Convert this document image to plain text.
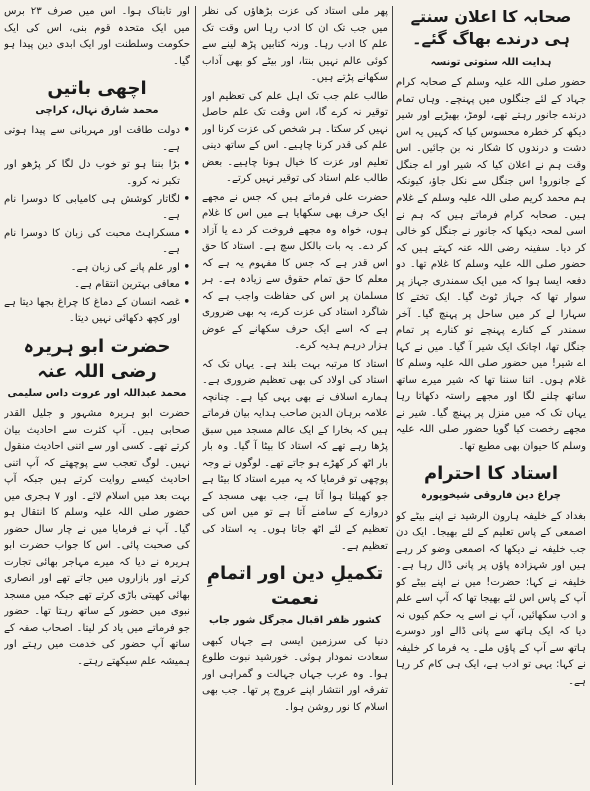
صحابہ کا اعلان سنتے ہی درندے بھاگ گئے۔
ہدایت اللہ ستوتی تونسہ

حضور صلی اللہ علیہ وسلم کے صحابہ کرام جہاد کے لئے جنگلوں میں پہنچے۔ وہاں تمام درندے جانور رہتے تھے، لومڑ، بھیڑیے اور شیر دیکھ کر خطرہ محسوس کیا کہ کہیں یہ اس دشت و درندوں کا شکار نہ بن جائیں۔ اس وقت ہم نے اعلان کیا کہ شیر اور اے جنگل کے جانورو! اس جنگل سے نکل جاؤ، کیونکہ ہم محمد کریم صلی اللہ علیہ وسلم کے غلام ہیں۔ صحابہ کرام فرماتے ہیں کہ ہم نے اسی لمحہ دیکھا کہ جانور نے جنگل کو خالی کر دیا۔ سفینہ رضی اللہ عنہ کہتے ہیں کہ حضور صلی اللہ علیہ وسلم کا غلام تھا۔ دو دفعہ ایسا ہوا کہ میں ایک سمندری جہاز پر سوار تھا کہ جہاز ٹوٹ گیا۔ ایک تختے کا سہارا لے کر میں ساحل پر پہنچ گیا۔ آخر سمندر کے کنارے پہنچے تو کنارے پر تمام جنگل تھا، اچانک ایک شیر آ گیا۔ میں نے کہا اے شیر! میں حضور صلی اللہ علیہ وسلم کا غلام ہوں۔ اتنا سننا تھا کہ شیر میرے ساتھ ساتھ چلنے لگا اور مجھے راستہ دکھاتا رہا یہاں تک کہ میں منزل پر پہنچ گیا۔ شیر نے مجھے رخصت کیا گویا حضور صلی اللہ علیہ وسلم کا حیوان بھی مطیع تھا۔

استاد کا احترام
چراغ دین فاروقی شیخوپورہ

بغداد کے خلیفہ ہارون الرشید نے اپنے بیٹے کو اصمعی کے پاس تعلیم کے لئے بھیجا۔ ایک دن جب خلیفہ نے دیکھا کہ اصمعی وضو کر رہے ہیں اور شہزادہ پاؤں پر پانی ڈال رہا ہے۔ خلیفہ نے کہا: حضرت! میں نے اپنے بیٹے کو آپ کے پاس اس لئے بھیجا تھا کہ آپ اسے علم و ادب سکھائیں، آپ نے اسے یہ حکم کیوں نہ دیا کہ ایک ہاتھ سے پانی ڈالے اور دوسرے ہاتھ سے آپ کے پاؤں ملے۔ یہ فرما کر خلیفہ نے کہا: یہی تو ادب ہے، ایک ہی کام کر رہا ہے۔

پھر ملی استاد کی عزت بڑھاؤں کی نظر میں جب تک ان کا ادب رہا اس وقت تک علم کا ادب رہا۔ ورنہ کتابیں پڑھ لینے سے کوئی عالم نہیں بنتا، اور بیٹے کو بھی آداب سکھانے پڑتے ہیں۔

طالب علم جب تک اہل علم کی تعظیم اور توقیر نہ کرے گا، اس وقت تک علم حاصل نہیں کر سکتا۔ ہر شخص کی عزت کرنا اور علم کی قدر کرنا چاہیے۔ اس کے ساتھ دینی تعلیم اور عزت کا خیال ہونا چاہیے۔ بعض طالب علم استاد کی توقیر نہیں کرتے۔

حضرت علی فرماتے ہیں کہ جس نے مجھے ایک حرف بھی سکھایا ہے میں اس کا غلام ہوں، خواہ وہ مجھے فروخت کر دے یا آزاد کر دے۔ یہ بات بالکل سچ ہے۔ استاد کا حق اس قدر ہے کہ جس کا مفہوم یہ ہے کہ معلم کا حق تمام حقوق سے زیادہ ہے۔ ہر مسلمان پر اس کی حفاظت واجب ہے کہ شاگرد استاد کی عزت کرے، یہ بھی ضروری ہے کہ اسے ایک حرف سکھانے کے عوض ہزار درہم ہدیہ کرے۔

استاد کا مرتبہ بہت بلند ہے۔ یہاں تک کہ استاد کی اولاد کی بھی تعظیم ضروری ہے۔ ہمارے اسلاف نے بھی یہی کیا ہے۔ چنانچہ علامہ برہان الدین صاحب ہدایہ بیان فرماتے ہیں کہ بخارا کے ایک عالم مسجد میں سبق پڑھا رہے تھے کہ استاد کا بیٹا آ گیا۔ وہ بار بار اٹھ کر کھڑے ہو جاتے تھے۔ لوگوں نے وجہ پوچھی تو فرمایا کہ یہ میرے استاد کا بیٹا ہے جو کھیلتا ہوا آتا ہے، جب بھی مسجد کے دروازے کے سامنے آتا ہے تو میں اس کی تعظیم کے لئے اٹھ جاتا ہوں۔ یہ استاد کی تعظیم ہے۔

تکمیلِ دین اور اتمامِ نعمت
کشور ظفر اقبال مجرگل شور جاب

دنیا کی سرزمین ایسی ہے جہاں کبھی سعادت نمودار ہوئی۔ خورشید نبوت طلوع ہوا۔ وہ عرب جہاں جہالت و گمراہی اور تفرقہ اور انتشار اپنے عروج پر تھا۔ جب بھی اسلام کا نور روشن ہوا۔

اور تابناک ہوا۔ اس میں صرف ۲۳ برس میں ایک متحدہ قوم بنی، اس کی ایک حکومت وسلطنت اور ایک ابدی دین پیدا ہو گیا۔

اچھی باتیں
محمد شارق نہال، کراچی
• دولت طاقت اور مہربانی سے پیدا ہوتی ہے۔
• بڑا بننا ہو تو خوب دل لگا کر پڑھو اور تکبر نہ کرو۔
• لگاتار کوشش ہی کامیابی کا دوسرا نام ہے۔
• مسکراہٹ محبت کی زبان کا دوسرا نام ہے۔
• اور علم پانے کی زبان ہے۔
• معافی بہترین انتقام ہے۔
• غصہ انسان کے دماغ کا چراغ بجھا دیتا ہے اور کچھ دکھائی نہیں دیتا۔
حضرت ابو ہریرہ رضی اللہ عنہ
محمد عبداللہ اور عروت داس سلیمی

حضرت ابو ہریرہ مشہور و جلیل القدر صحابی ہیں۔ آپ کثرت سے احادیث بیان کرتے تھے۔ کسی اور سے اتنی احادیث منقول نہیں۔ لوگ تعجب سے پوچھتے کہ آپ اتنی احادیث کیسے روایت کرتے ہیں جبکہ آپ بہت بعد میں اسلام لائے۔ اور ۷ ہجری میں حضور صلی اللہ علیہ وسلم کا انتقال ہو گیا۔ آپ نے فرمایا میں نے چار سال حضور کی صحبت پائی۔ اس کا جواب حضرت ابو ہریرہ نے دیا کہ میرے مہاجر بھائی تجارت کرتے اور بازاروں میں جاتے تھے اور انصاری بھائی کھیتی باڑی کرتے تھے جبکہ میں مسجد نبوی میں حضور کے ساتھ رہتا تھا۔ حضور جو فرماتے میں یاد کر لیتا۔ اصحاب صفہ کے ساتھ آپ حضور کی خدمت میں رہتے اور ہمیشہ علم سیکھتے رہتے۔
